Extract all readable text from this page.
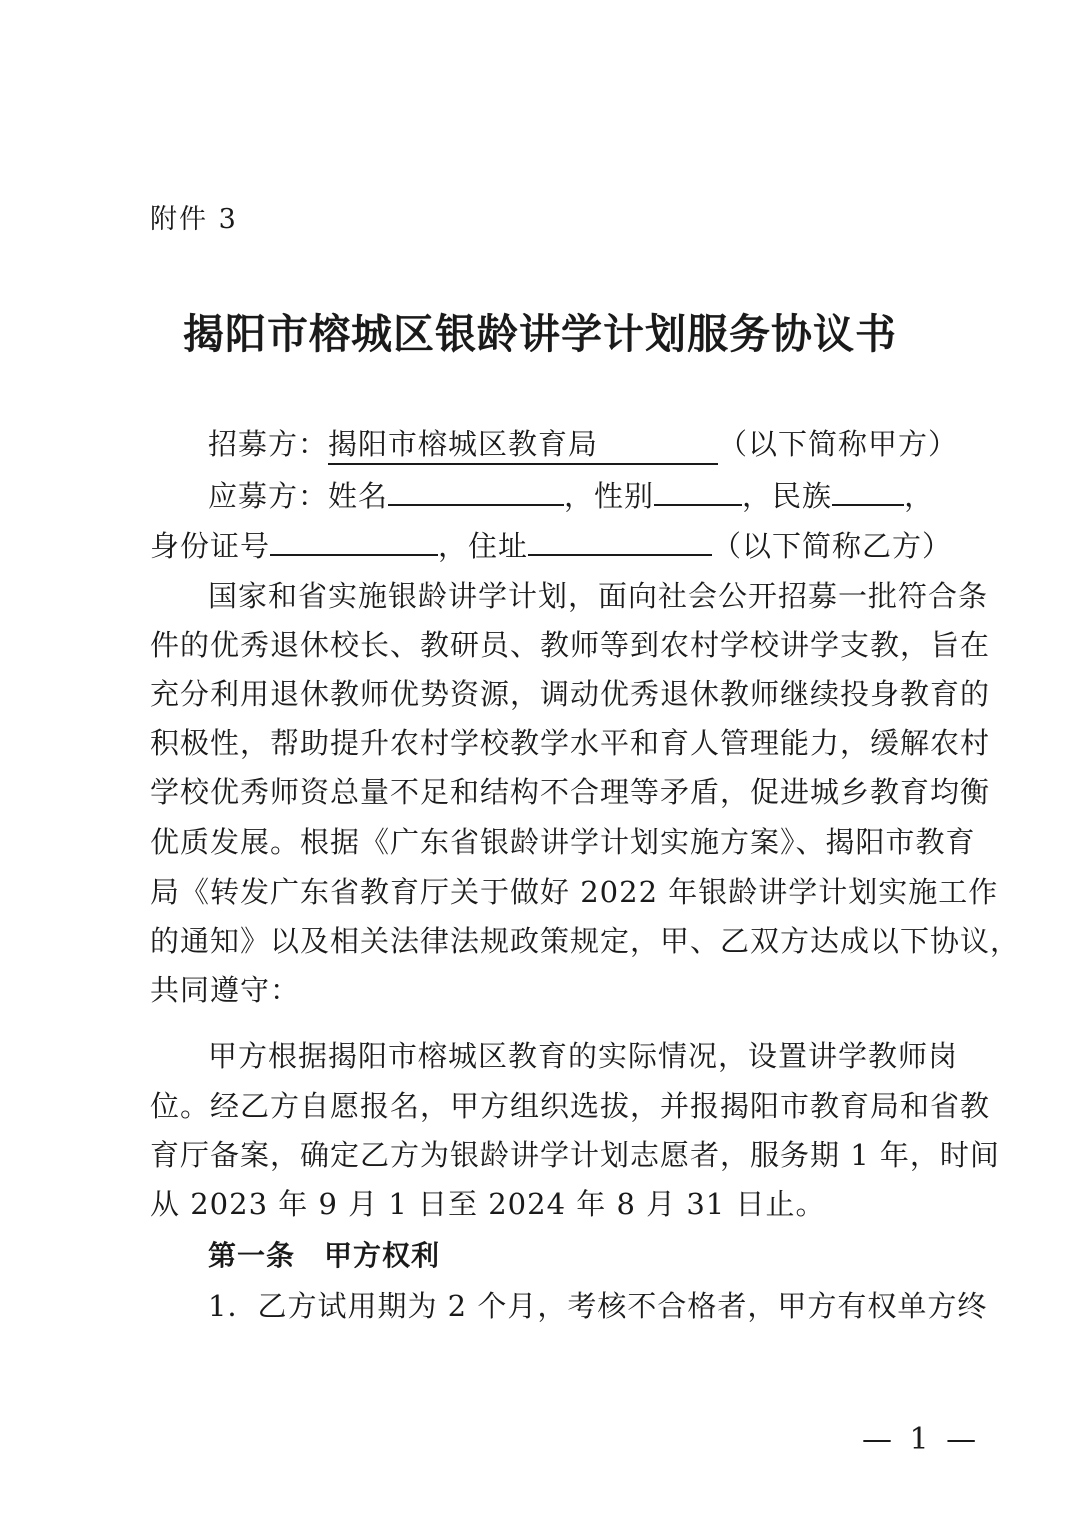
附件 3
揭阳市榕城区银龄讲学计划服务协议书
招募方：揭阳市榕城区教育局	（以下简称甲方）
应募方：姓名	，性别	，民族 ，
身份证号	，住址	（以下简称乙方）
国家和省实施银龄讲学计划，面向社会公开招募一批符合条
件的优秀退休校长、教研员、教师等到农村学校讲学支教，旨在
充分利用退休教师优势资源，调动优秀退休教师继续投身教育的
积极性，帮助提升农村学校教学水平和育人管理能力，缓解农村
学校优秀师资总量不足和结构不合理等矛盾，促进城乡教育均衡
优质发展。根据《广东省银龄讲学计划实施方案》、揭阳市教育
局《转发广东省教育厅关于做好 2022 年银龄讲学计划实施工作
的通知》以及相关法律法规政策规定，甲、乙双方达成以下协议，
共同遵守：
甲方根据揭阳市榕城区教育的实际情况，设置讲学教师岗
位。经乙方自愿报名，甲方组织选拔，并报揭阳市教育局和省教
育厅备案，确定乙方为银龄讲学计划志愿者，服务期 1 年，时间
从 2023 年 9 月 1 日至 2024 年 8 月 31 日止。
第一条　甲方权利
1．乙方试用期为 2 个月，考核不合格者，甲方有权单方终
— 1 —
